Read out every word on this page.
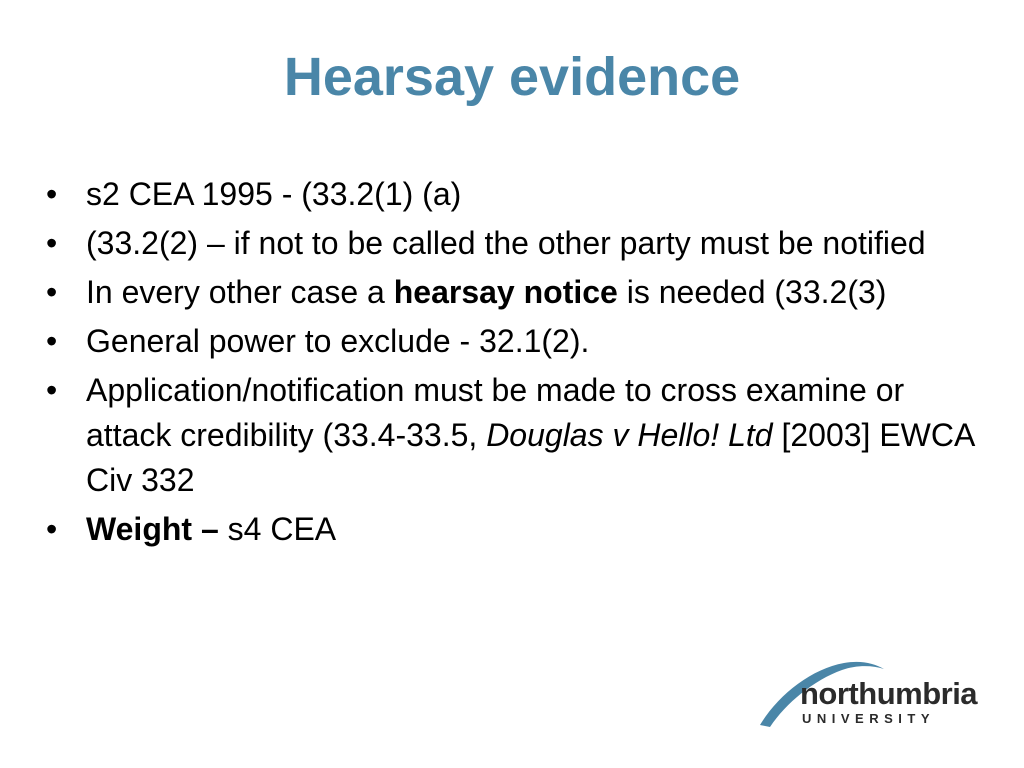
Hearsay evidence
• s2 CEA 1995 - (33.2(1) (a)
• (33.2(2) – if not to be called the other party must be notified
• In every other case a hearsay notice is needed (33.2(3)
• General power to exclude - 32.1(2).
• Application/notification must be made to cross examine or attack credibility (33.4-33.5, Douglas v Hello! Ltd [2003] EWCA Civ 332
• Weight – s4 CEA
northumbria
UNIVERSITY
